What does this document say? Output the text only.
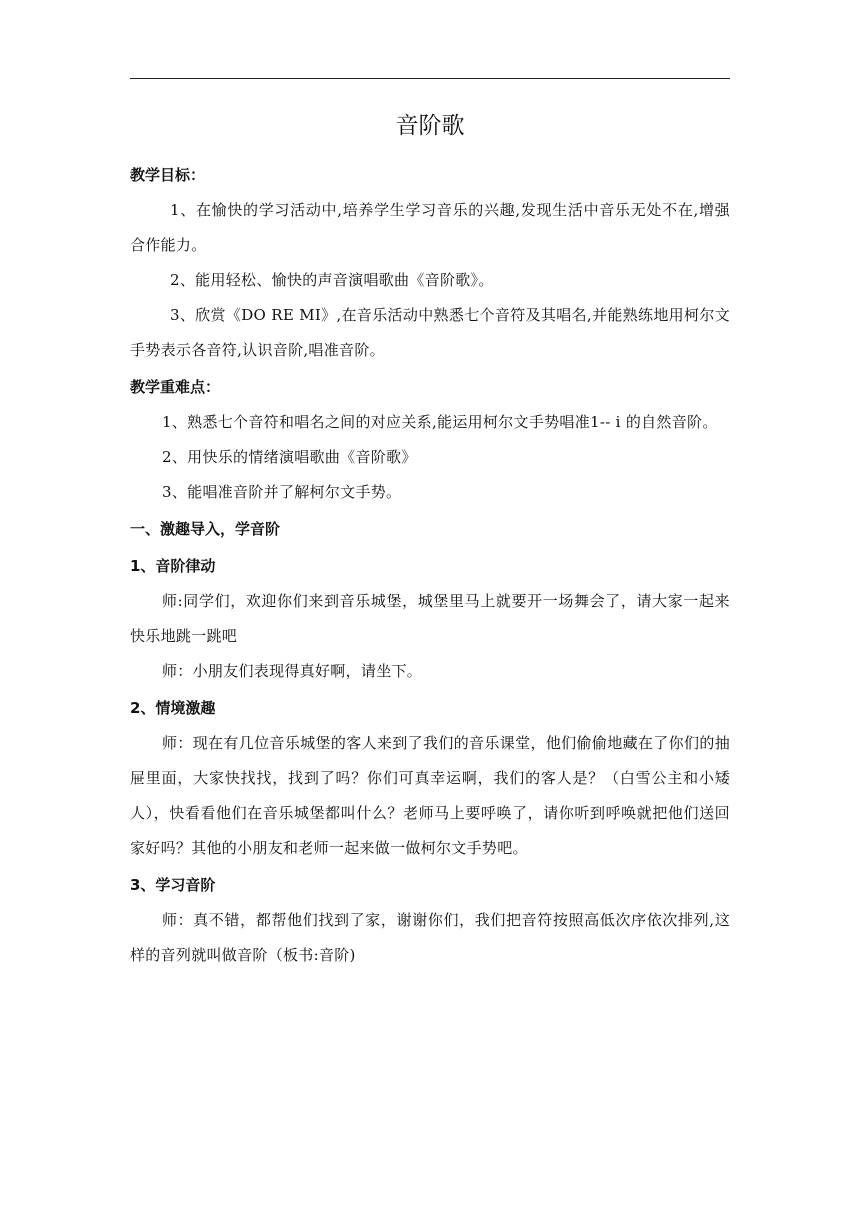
音阶歌

教学目标：

1、在愉快的学习活动中,培养学生学习音乐的兴趣,发现生活中音乐无处不在,增强合作能力。

2、能用轻松、愉快的声音演唱歌曲《音阶歌》。

3、欣赏《DO RE MI》,在音乐活动中熟悉七个音符及其唱名,并能熟练地用柯尔文手势表示各音符,认识音阶,唱准音阶。

教学重难点：

1、熟悉七个音符和唱名之间的对应关系,能运用柯尔文手势唱准1-- i 的自然音阶。

2、用快乐的情绪演唱歌曲《音阶歌》

3、能唱准音阶并了解柯尔文手势。

一、激趣导入，学音阶

1、音阶律动

师:同学们，欢迎你们来到音乐城堡，城堡里马上就要开一场舞会了，请大家一起来快乐地跳一跳吧

师：小朋友们表现得真好啊，请坐下。

2、情境激趣

师：现在有几位音乐城堡的客人来到了我们的音乐课堂，他们偷偷地藏在了你们的抽屉里面，大家快找找，找到了吗？你们可真幸运啊，我们的客人是？（白雪公主和小矮人），快看看他们在音乐城堡都叫什么？老师马上要呼唤了，请你听到呼唤就把他们送回家好吗？其他的小朋友和老师一起来做一做柯尔文手势吧。

3、学习音阶

师：真不错，都帮他们找到了家，谢谢你们，我们把音符按照高低次序依次排列,这样的音列就叫做音阶（板书:音阶)
